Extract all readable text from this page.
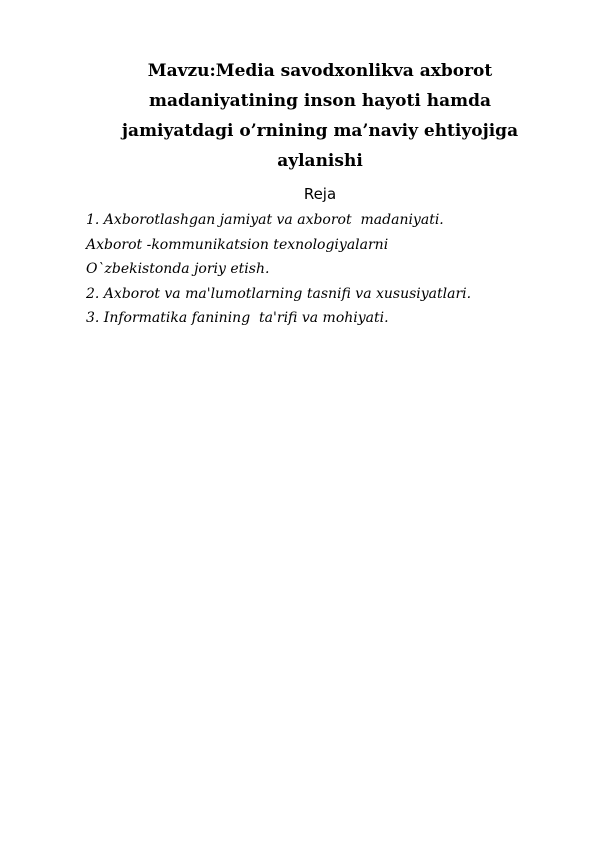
Mavzu:Media savodxonlikva axborot
madaniyatining inson hayoti hamda
jamiyatdagi o’rnining ma’naviy ehtiyojiga
aylanishi
Reja
1. Axborotlashgan jamiyat va axborot  madaniyati.
Axborot -kommunikatsion texnologiyalarni
O`zbekistonda joriy etish.
2. Axborot va ma'lumotlarning tasnifi va xususiyatlari.
3. Informatika fanining  ta'rifi va mohiyati.
